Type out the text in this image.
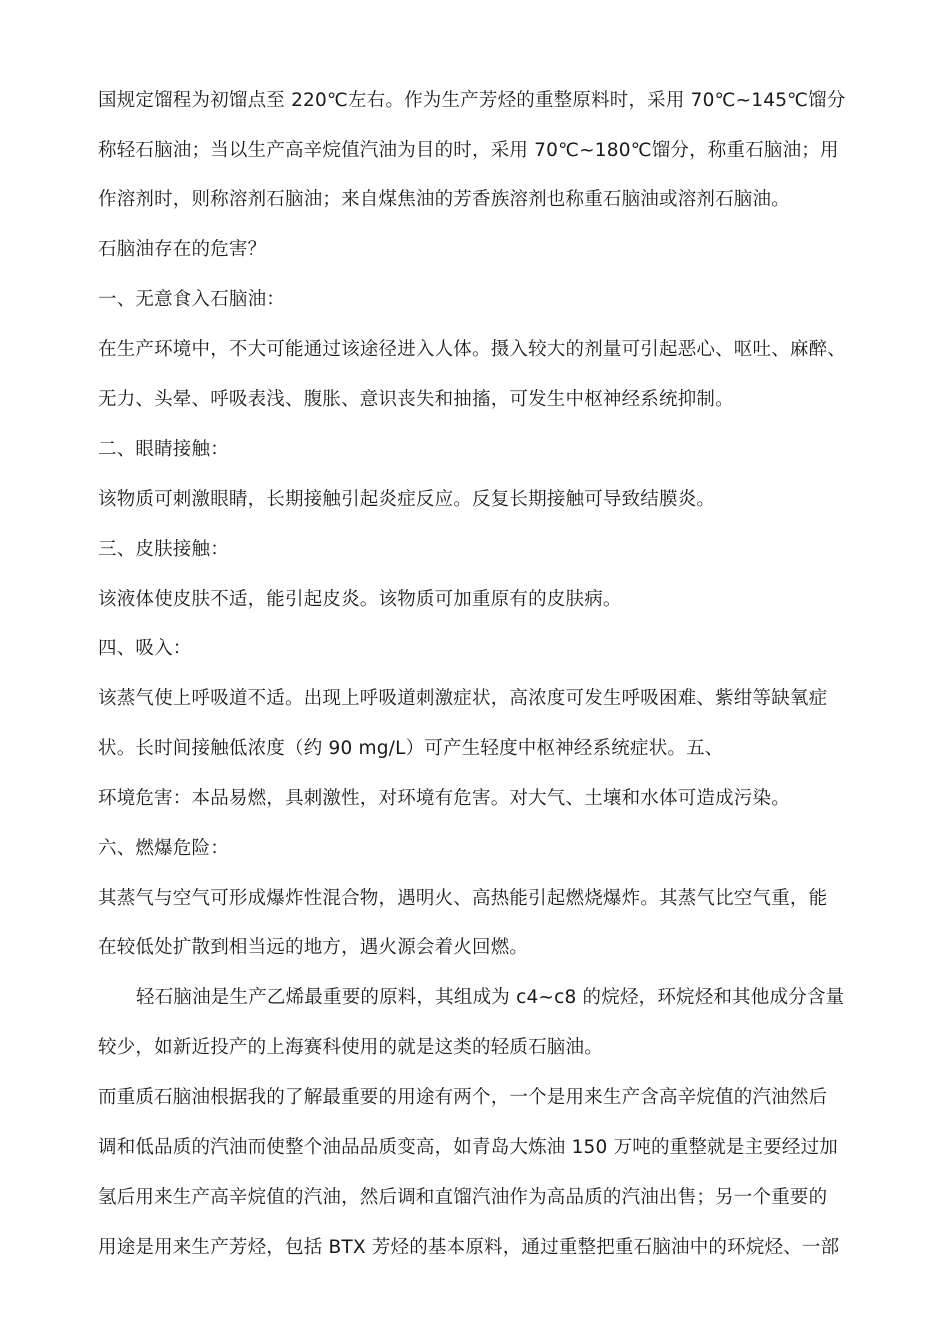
国规定馏程为初馏点至 220℃左右。作为生产芳烃的重整原料时，采用 70℃~145℃馏分
称轻石脑油；当以生产高辛烷值汽油为目的时，采用 70℃~180℃馏分，称重石脑油；用
作溶剂时，则称溶剂石脑油；来自煤焦油的芳香族溶剂也称重石脑油或溶剂石脑油。
石脑油存在的危害？
一、无意食入石脑油：
在生产环境中，不大可能通过该途径进入人体。摄入较大的剂量可引起恶心、呕吐、麻醉、
无力、头晕、呼吸表浅、腹胀、意识丧失和抽搐，可发生中枢神经系统抑制。
二、眼睛接触：
该物质可刺激眼睛，长期接触引起炎症反应。反复长期接触可导致结膜炎。
三、皮肤接触：
该液体使皮肤不适，能引起皮炎。该物质可加重原有的皮肤病。
四、吸入：
该蒸气使上呼吸道不适。出现上呼吸道刺激症状，高浓度可发生呼吸困难、紫绀等缺氧症
状。长时间接触低浓度（约 90 mg/L）可产生轻度中枢神经系统症状。五、
环境危害：本品易燃，具刺激性，对环境有危害。对大气、土壤和水体可造成污染。
六、燃爆危险：
其蒸气与空气可形成爆炸性混合物，遇明火、高热能引起燃烧爆炸。其蒸气比空气重，能
在较低处扩散到相当远的地方，遇火源会着火回燃。
轻石脑油是生产乙烯最重要的原料，其组成为 c4~c8 的烷烃，环烷烃和其他成分含量
较少，如新近投产的上海赛科使用的就是这类的轻质石脑油。
而重质石脑油根据我的了解最重要的用途有两个，一个是用来生产含高辛烷值的汽油然后
调和低品质的汽油而使整个油品品质变高，如青岛大炼油 150 万吨的重整就是主要经过加
氢后用来生产高辛烷值的汽油，然后调和直馏汽油作为高品质的汽油出售；另一个重要的
用途是用来生产芳烃，包括 BTX 芳烃的基本原料，通过重整把重石脑油中的环烷烃、一部
